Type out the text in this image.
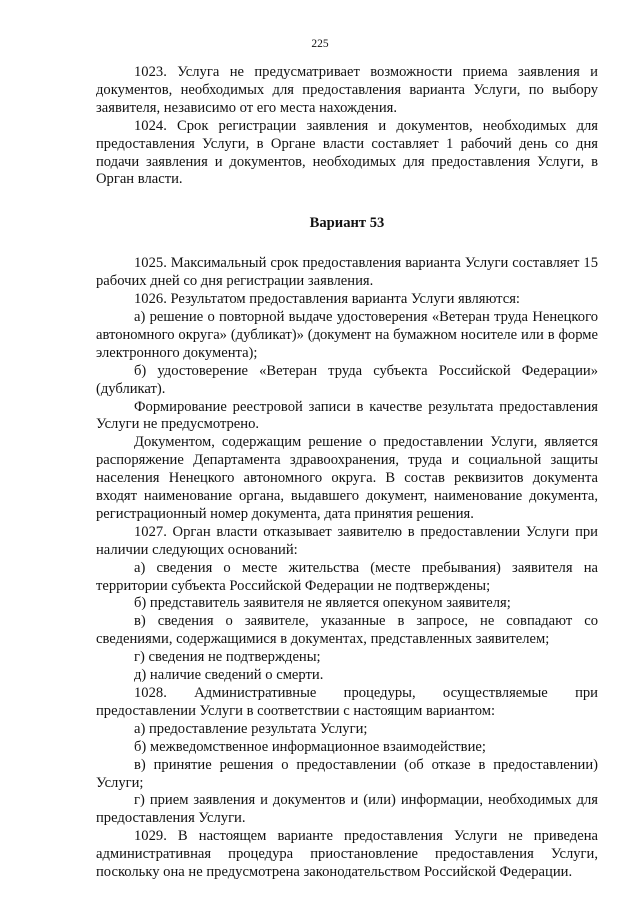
225

1023. Услуга не предусматривает возможности приема заявления и документов, необходимых для предоставления варианта Услуги, по выбору заявителя, независимо от его места нахождения.

1024. Срок регистрации заявления и документов, необходимых для предоставления Услуги, в Органе власти составляет 1 рабочий день со дня подачи заявления и документов, необходимых для предоставления Услуги, в Орган власти.

Вариант 53

1025. Максимальный срок предоставления варианта Услуги составляет 15 рабочих дней со дня регистрации заявления.

1026. Результатом предоставления варианта Услуги являются:

а) решение о повторной выдаче удостоверения «Ветеран труда Ненецкого автономного округа» (дубликат)» (документ на бумажном носителе или в форме электронного документа);

б) удостоверение «Ветеран труда субъекта Российской Федерации» (дубликат).

Формирование реестровой записи в качестве результата предоставления Услуги не предусмотрено.

Документом, содержащим решение о предоставлении Услуги, является распоряжение Департамента здравоохранения, труда и социальной защиты населения Ненецкого автономного округа. В состав реквизитов документа входят наименование органа, выдавшего документ, наименование документа, регистрационный номер документа, дата принятия решения.

1027. Орган власти отказывает заявителю в предоставлении Услуги при наличии следующих оснований:

а) сведения о месте жительства (месте пребывания) заявителя на территории субъекта Российской Федерации не подтверждены;

б) представитель заявителя не является опекуном заявителя;

в) сведения о заявителе, указанные в запросе, не совпадают со сведениями, содержащимися в документах, представленных заявителем;

г) сведения не подтверждены;

д) наличие сведений о смерти.

1028. Административные процедуры, осуществляемые при предоставлении Услуги в соответствии с настоящим вариантом:

а) предоставление результата Услуги;

б) межведомственное информационное взаимодействие;

в) принятие решения о предоставлении (об отказе в предоставлении) Услуги;

г) прием заявления и документов и (или) информации, необходимых для предоставления Услуги.

1029. В настоящем варианте предоставления Услуги не приведена административная процедура приостановление предоставления Услуги, поскольку она не предусмотрена законодательством Российской Федерации.
